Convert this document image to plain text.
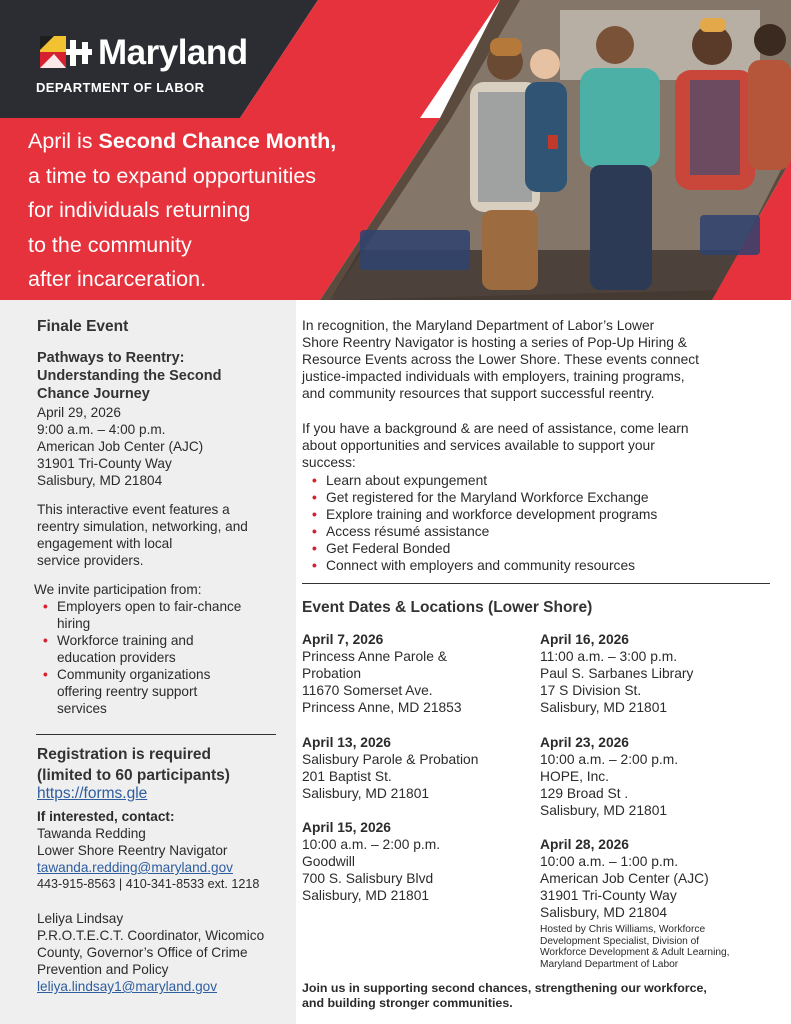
Maryland
DEPARTMENT OF LABOR
April is Second Chance Month,
a time to expand opportunities
for individuals returning
to the community
after incarceration.
Finale Event
Pathways to Reentry:
Understanding the Second
Chance Journey
April 29, 2026
9:00 a.m. – 4:00 p.m.
American Job Center (AJC)
31901 Tri-County Way
Salisbury, MD 21804
This interactive event features a
reentry simulation, networking, and
engagement with local
service providers.
We invite participation from:
• Employers open to fair-chance
hiring
• Workforce training and
education providers
• Community organizations
offering reentry support
services
Registration is required
(limited to 60 participants)
https://forms.gle
If interested, contact:
Tawanda Redding
Lower Shore Reentry Navigator
tawanda.redding@maryland.gov
443-915-8563 | 410-341-8533 ext. 1218
Leliya Lindsay
P.R.O.T.E.C.T. Coordinator, Wicomico
County, Governor’s Office of Crime
Prevention and Policy
leliya.lindsay1@maryland.gov
In recognition, the Maryland Department of Labor’s Lower
Shore Reentry Navigator is hosting a series of Pop-Up Hiring &
Resource Events across the Lower Shore. These events connect
justice-impacted individuals with employers, training programs,
and community resources that support successful reentry.
If you have a background & are need of assistance, come learn
about opportunities and services available to support your
success:
• Learn about expungement
• Get registered for the Maryland Workforce Exchange
• Explore training and workforce development programs
• Access résumé assistance
• Get Federal Bonded
• Connect with employers and community resources
Event Dates & Locations (Lower Shore)
April 7, 2026
Princess Anne Parole &
Probation
11670 Somerset Ave.
Princess Anne, MD 21853
April 13, 2026
Salisbury Parole & Probation
201 Baptist St.
Salisbury, MD 21801
April 15, 2026
10:00 a.m. – 2:00 p.m.
Goodwill
700 S. Salisbury Blvd
Salisbury, MD 21801
April 16, 2026
11:00 a.m. – 3:00 p.m.
Paul S. Sarbanes Library
17 S Division St.
Salisbury, MD 21801
April 23, 2026
10:00 a.m. – 2:00 p.m.
HOPE, Inc.
129 Broad St .
Salisbury, MD 21801
April 28, 2026
10:00 a.m. – 1:00 p.m.
American Job Center (AJC)
31901 Tri-County Way
Salisbury, MD 21804
Hosted by Chris Williams, Workforce
Development Specialist, Division of
Workforce Development & Adult Learning,
Maryland Department of Labor
Join us in supporting second chances, strengthening our workforce,
and building stronger communities.
